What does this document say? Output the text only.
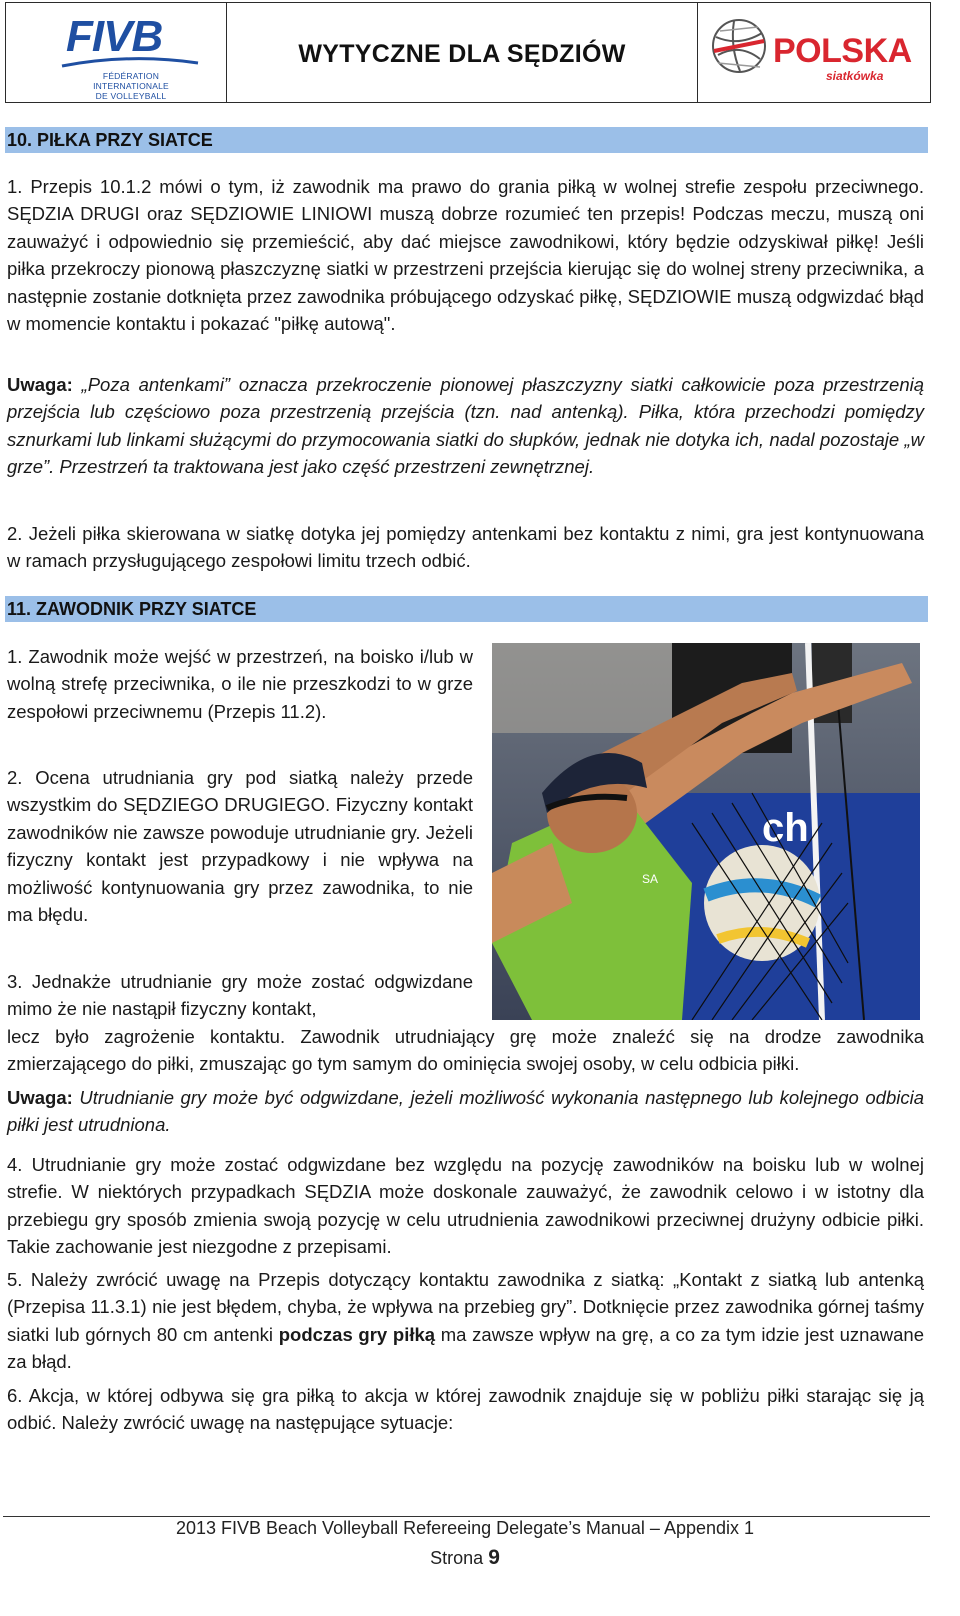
FIVB
FÉDÉRATION INTERNATIONALE
DE VOLLEYBALL
WYTYCZNE DLA SĘDZIÓW	POLSKA
siatkówka
10. PIŁKA PRZY SIATCE

1. Przepis 10.1.2 mówi o tym, iż zawodnik ma prawo do grania piłką w wolnej strefie zespołu przeciwnego. SĘDZIA DRUGI oraz SĘDZIOWIE LINIOWI muszą dobrze rozumieć ten przepis! Podczas meczu, muszą oni zauważyć i odpowiednio się przemieścić, aby dać miejsce zawodnikowi, który będzie odzyskiwał piłkę! Jeśli piłka przekroczy pionową płaszczyznę siatki w przestrzeni przejścia kierując się do wolnej streny przeciwnika, a następnie zostanie dotknięta przez zawodnika próbującego odzyskać piłkę, SĘDZIOWIE muszą odgwizdać błąd w momencie kontaktu i pokazać "piłkę autową".

Uwaga: „Poza antenkami” oznacza przekroczenie pionowej płaszczyzny siatki całkowicie poza przestrzenią przejścia lub częściowo poza przestrzenią przejścia (tzn. nad antenką). Piłka, która przechodzi pomiędzy sznurkami lub linkami służącymi do przymocowania siatki do słupków, jednak nie dotyka ich, nadal pozostaje „w grze”. Przestrzeń ta traktowana jest jako część przestrzeni zewnętrznej.

2. Jeżeli piłka skierowana w siatkę dotyka jej pomiędzy antenkami bez kontaktu z nimi, gra jest kontynuowana w ramach przysługującego zespołowi limitu trzech odbić.

11. ZAWODNIK PRZY SIATCE

1. Zawodnik może wejść w przestrzeń, na boisko i/lub w wolną strefę przeciwnika, o ile nie przeszkodzi to w grze zespołowi przeciwnemu (Przepis 11.2).

2. Ocena utrudniania gry pod siatką należy przede wszystkim do SĘDZIEGO DRUGIEGO. Fizyczny kontakt zawodników nie zawsze powoduje utrudnianie gry. Jeżeli fizyczny kontakt jest przypadkowy i nie wpływa na możliwość kontynuowania gry przez zawodnika, to nie ma błędu.

3. Jednakże utrudnianie gry może zostać odgwizdane mimo że nie nastąpił fizyczny kontakt,

ch
SA

lecz było zagrożenie kontaktu. Zawodnik utrudniający grę może znaleźć się na drodze zawodnika zmierzającego do piłki, zmuszając go tym samym do ominięcia swojej osoby, w celu odbicia piłki.

Uwaga: Utrudnianie gry może być odgwizdane, jeżeli możliwość wykonania następnego lub kolejnego odbicia piłki jest utrudniona.

4. Utrudnianie gry może zostać odgwizdane bez względu na pozycję zawodników na boisku lub w wolnej strefie. W niektórych przypadkach SĘDZIA może doskonale zauważyć, że zawodnik celowo i w istotny dla przebiegu gry sposób zmienia swoją pozycję w celu utrudnienia zawodnikowi przeciwnej drużyny odbicie piłki. Takie zachowanie jest niezgodne z przepisami.

5. Należy zwrócić uwagę na Przepis dotyczący kontaktu zawodnika z siatką: „Kontakt z siatką lub antenką (Przepisa 11.3.1) nie jest błędem, chyba, że wpływa na przebieg gry”. Dotknięcie przez zawodnika górnej taśmy siatki lub górnych 80 cm antenki podczas gry piłką ma zawsze wpływ na grę, a co za tym idzie jest uznawane za błąd.

6. Akcja, w której odbywa się gra piłką to akcja w której zawodnik znajduje się w pobliżu piłki starając się ją odbić. Należy zwrócić uwagę na następujące sytuacje:

2013 FIVB Beach Volleyball Refereeing Delegate’s Manual – Appendix 1
Strona 9
